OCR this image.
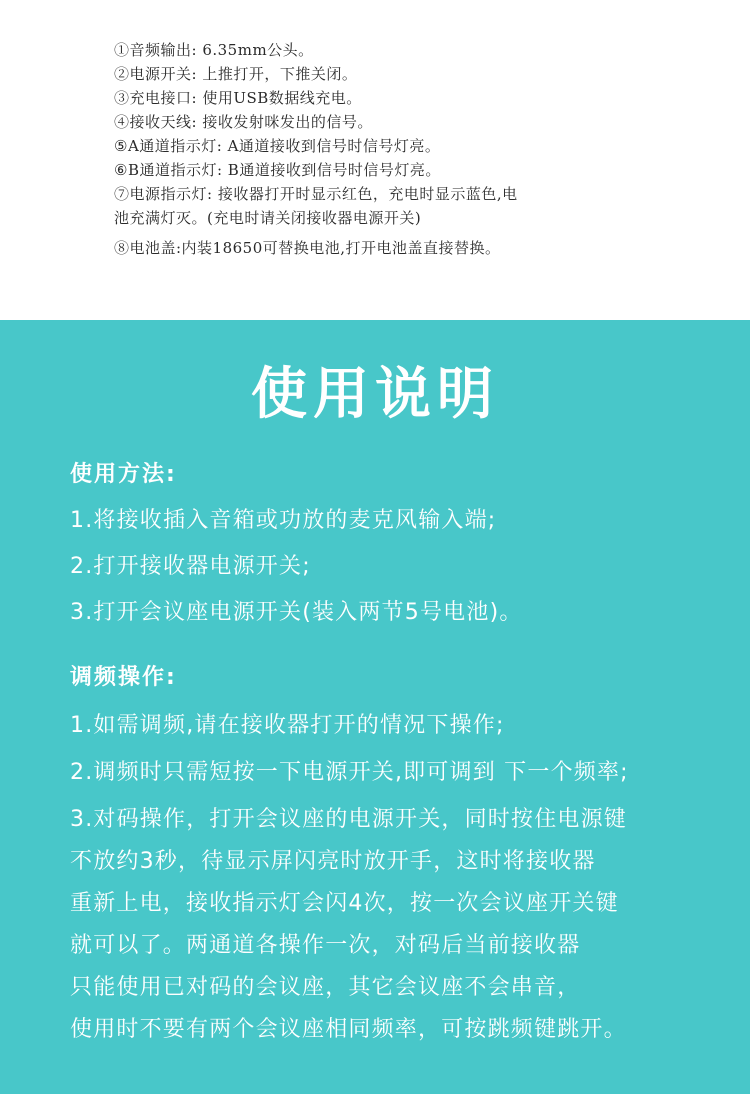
①音频输出: 6.35mm公头。
②电源开关: 上推打开，下推关闭。
③充电接口: 使用USB数据线充电。
④接收天线: 接收发射咪发出的信号。
⑤A通道指示灯: A通道接收到信号时信号灯亮。
⑥B通道指示灯: B通道接收到信号时信号灯亮。
⑦电源指示灯: 接收器打开时显示红色，充电时显示蓝色,电
池充满灯灭。(充电时请关闭接收器电源开关)
⑧电池盖:内装18650可替换电池,打开电池盖直接替换。
使用说明
使用方法:
1.将接收插入音箱或功放的麦克风输入端;
2.打开接收器电源开关;
3.打开会议座电源开关(装入两节5号电池)。
调频操作:
1.如需调频,请在接收器打开的情况下操作;
2.调频时只需短按一下电源开关,即可调到 下一个频率;
3.对码操作，打开会议座的电源开关，同时按住电源键
不放约3秒，待显示屏闪亮时放开手，这时将接收器
重新上电，接收指示灯会闪4次，按一次会议座开关键
就可以了。两通道各操作一次，对码后当前接收器
只能使用已对码的会议座，其它会议座不会串音，
使用时不要有两个会议座相同频率，可按跳频键跳开。
